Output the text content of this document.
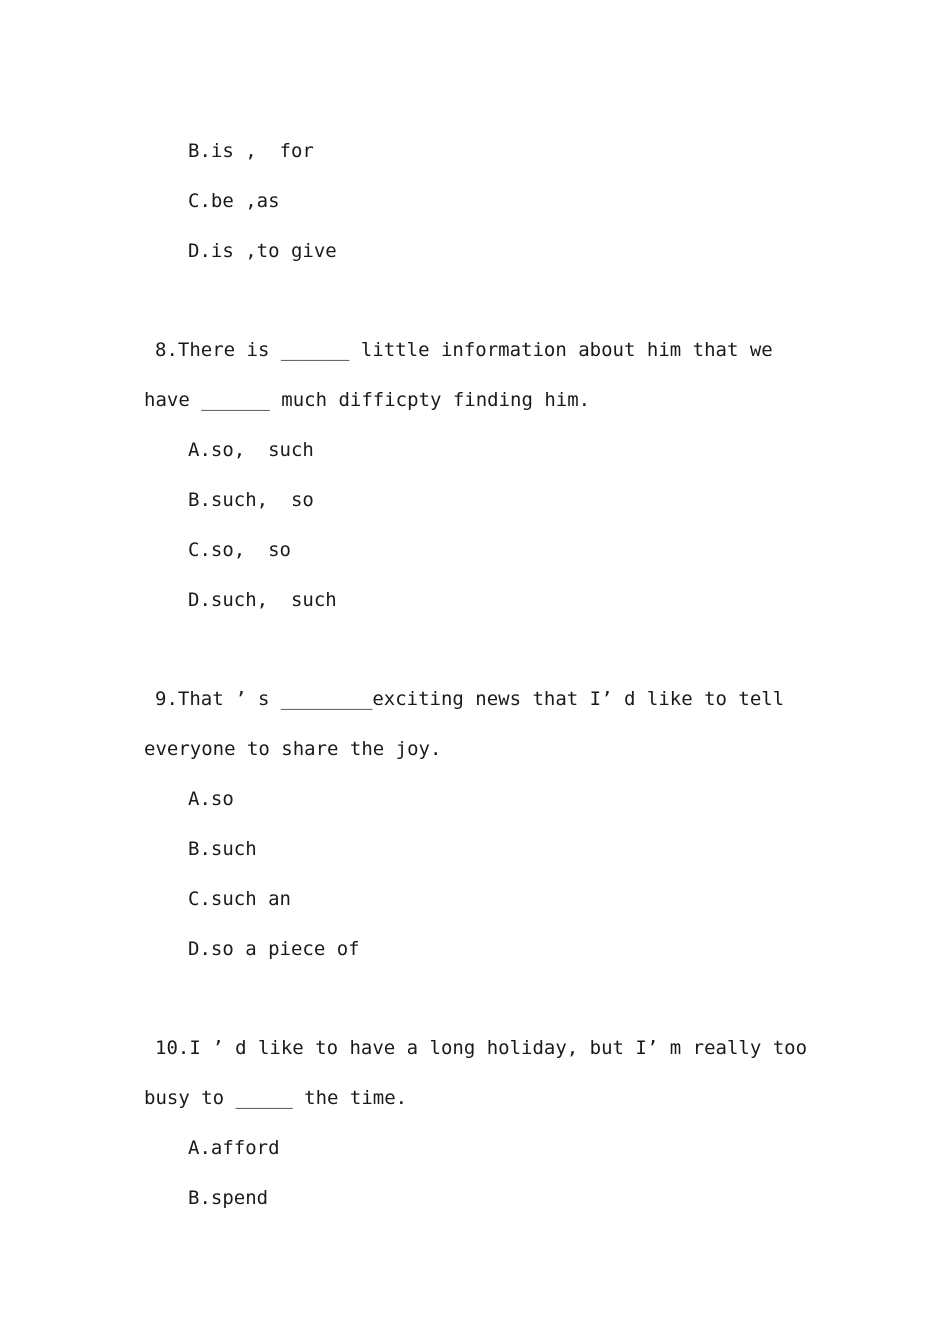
B.is ,  for
C.be ,as
D.is ,to give
8.There is ______ little information about him that we
have ______ much difficpty finding him.
A.so,  such
B.such,  so
C.so,  so
D.such,  such
9.That ’ s ________exciting news that I’ d like to tell
everyone to share the joy.
A.so
B.such
C.such an
D.so a piece of
10.I ’ d like to have a long holiday, but I’ m really too
busy to _____ the time.
A.afford
B.spend
